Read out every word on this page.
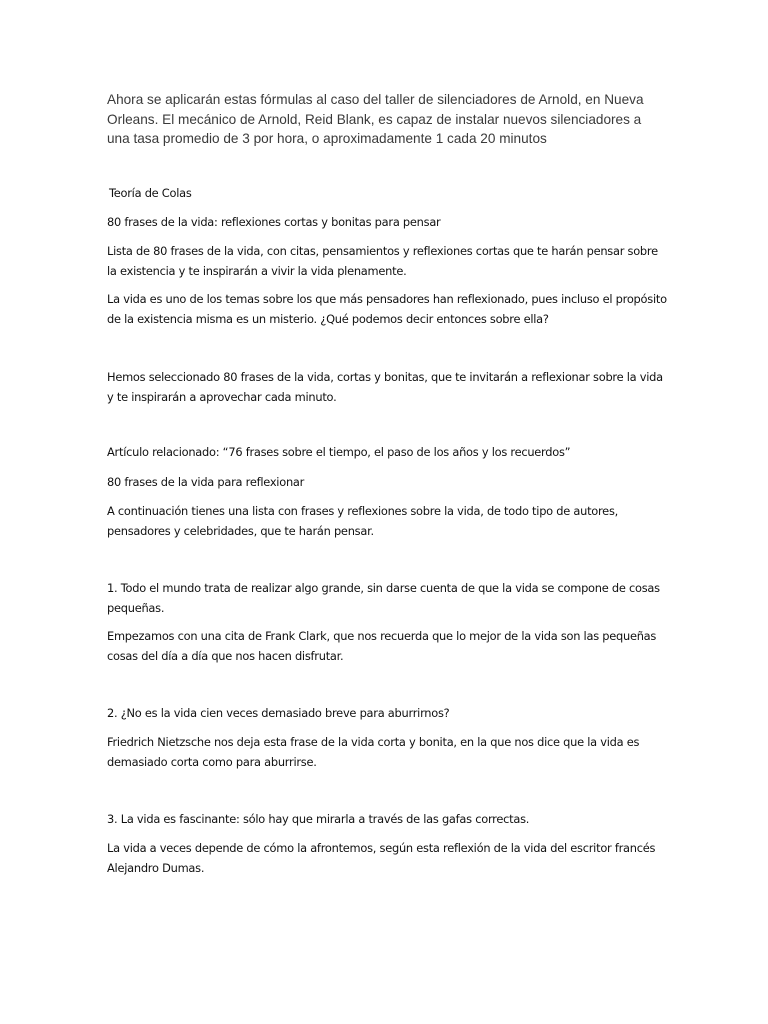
Ahora se aplicarán estas fórmulas al caso del taller de silenciadores de Arnold, en Nueva Orleans. El mecánico de Arnold, Reid Blank, es capaz de instalar nuevos silenciadores a una tasa promedio de 3 por hora, o aproximadamente 1 cada 20 minutos

Teoría de Colas

80 frases de la vida: reflexiones cortas y bonitas para pensar

Lista de 80 frases de la vida, con citas, pensamientos y reflexiones cortas que te harán pensar sobre la existencia y te inspirarán a vivir la vida plenamente.

La vida es uno de los temas sobre los que más pensadores han reflexionado, pues incluso el propósito de la existencia misma es un misterio. ¿Qué podemos decir entonces sobre ella?

Hemos seleccionado 80 frases de la vida, cortas y bonitas, que te invitarán a reflexionar sobre la vida y te inspirarán a aprovechar cada minuto.

Artículo relacionado: “76 frases sobre el tiempo, el paso de los años y los recuerdos”

80 frases de la vida para reflexionar

A continuación tienes una lista con frases y reflexiones sobre la vida, de todo tipo de autores, pensadores y celebridades, que te harán pensar.

1. Todo el mundo trata de realizar algo grande, sin darse cuenta de que la vida se compone de cosas pequeñas.

Empezamos con una cita de Frank Clark, que nos recuerda que lo mejor de la vida son las pequeñas cosas del día a día que nos hacen disfrutar.

2. ¿No es la vida cien veces demasiado breve para aburrirnos?

Friedrich Nietzsche nos deja esta frase de la vida corta y bonita, en la que nos dice que la vida es demasiado corta como para aburrirse.

3. La vida es fascinante: sólo hay que mirarla a través de las gafas correctas.

La vida a veces depende de cómo la afrontemos, según esta reflexión de la vida del escritor francés Alejandro Dumas.
